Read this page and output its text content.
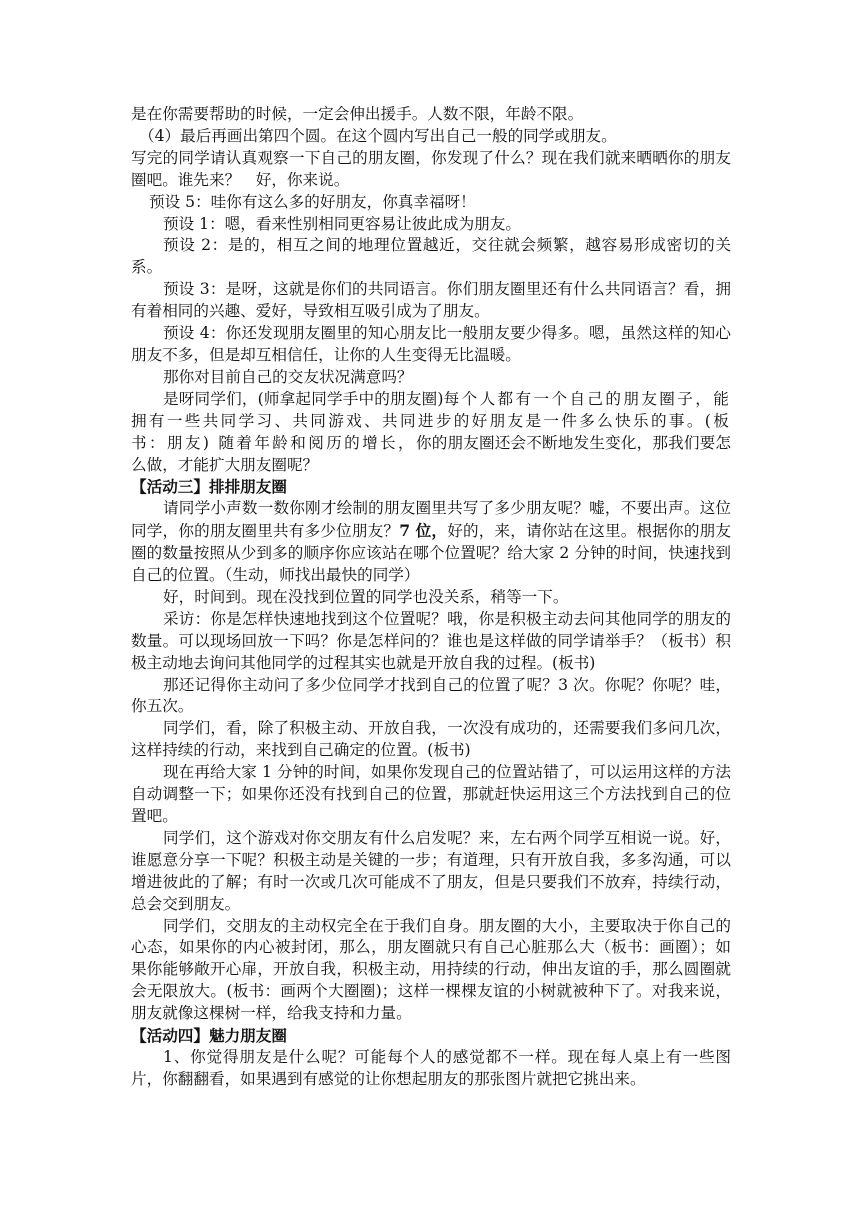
是在你需要帮助的时候，一定会伸出援手。人数不限，年龄不限。

（4）最后再画出第四个圆。在这个圆内写出自己一般的同学或朋友。

写完的同学请认真观察一下自己的朋友圈，你发现了什么？现在我们就来晒晒你的朋友圈吧。谁先来？　好，你来说。

预设 5：哇你有这么多的好朋友，你真幸福呀！

预设 1：嗯，看来性别相同更容易让彼此成为朋友。

预设 2：是的，相互之间的地理位置越近，交往就会频繁，越容易形成密切的关系。

预设 3：是呀，这就是你们的共同语言。你们朋友圈里还有什么共同语言？看，拥有着相同的兴趣、爱好，导致相互吸引成为了朋友。

预设 4：你还发现朋友圈里的知心朋友比一般朋友要少得多。嗯，虽然这样的知心朋友不多，但是却互相信任，让你的人生变得无比温暖。

那你对目前自己的交友状况满意吗？

是呀同学们，(师拿起同学手中的朋友圈)每个人都有一个自己的朋友圈子，能拥有一些共同学习、共同游戏、共同进步的好朋友是一件多么快乐的事。(板书：朋友) 随着年龄和阅历的增长，你的朋友圈还会不断地发生变化，那我们要怎么做，才能扩大朋友圈呢？

【活动三】排排朋友圈

请同学小声数一数你刚才绘制的朋友圈里共写了多少朋友呢？嘘，不要出声。这位同学，你的朋友圈里共有多少位朋友？7 位，好的，来，请你站在这里。根据你的朋友圈的数量按照从少到多的顺序你应该站在哪个位置呢？给大家 2 分钟的时间，快速找到自己的位置。（生动，师找出最快的同学）

好，时间到。现在没找到位置的同学也没关系，稍等一下。

采访：你是怎样快速地找到这个位置呢？哦，你是积极主动去问其他同学的朋友的数量。可以现场回放一下吗？你是怎样问的？谁也是这样做的同学请举手？（板书）积极主动地去询问其他同学的过程其实也就是开放自我的过程。(板书)

那还记得你主动问了多少位同学才找到自己的位置了呢？3 次。你呢？你呢？哇，你五次。

同学们，看，除了积极主动、开放自我，一次没有成功的，还需要我们多问几次，这样持续的行动，来找到自己确定的位置。(板书)

现在再给大家 1 分钟的时间，如果你发现自己的位置站错了，可以运用这样的方法自动调整一下；如果你还没有找到自己的位置，那就赶快运用这三个方法找到自己的位置吧。

同学们，这个游戏对你交朋友有什么启发呢？来，左右两个同学互相说一说。好，谁愿意分享一下呢？积极主动是关键的一步；有道理，只有开放自我，多多沟通，可以增进彼此的了解；有时一次或几次可能成不了朋友，但是只要我们不放弃，持续行动，总会交到朋友。

同学们，交朋友的主动权完全在于我们自身。朋友圈的大小，主要取决于你自己的心态，如果你的内心被封闭，那么，朋友圈就只有自己心脏那么大（板书：画圈）；如果你能够敞开心扉，开放自我，积极主动，用持续的行动，伸出友谊的手，那么圆圈就会无限放大。(板书：画两个大圈圈)；这样一棵棵友谊的小树就被种下了。对我来说，朋友就像这棵树一样，给我支持和力量。

【活动四】魅力朋友圈

1、你觉得朋友是什么呢？可能每个人的感觉都不一样。现在每人桌上有一些图片，你翻翻看，如果遇到有感觉的让你想起朋友的那张图片就把它挑出来。
